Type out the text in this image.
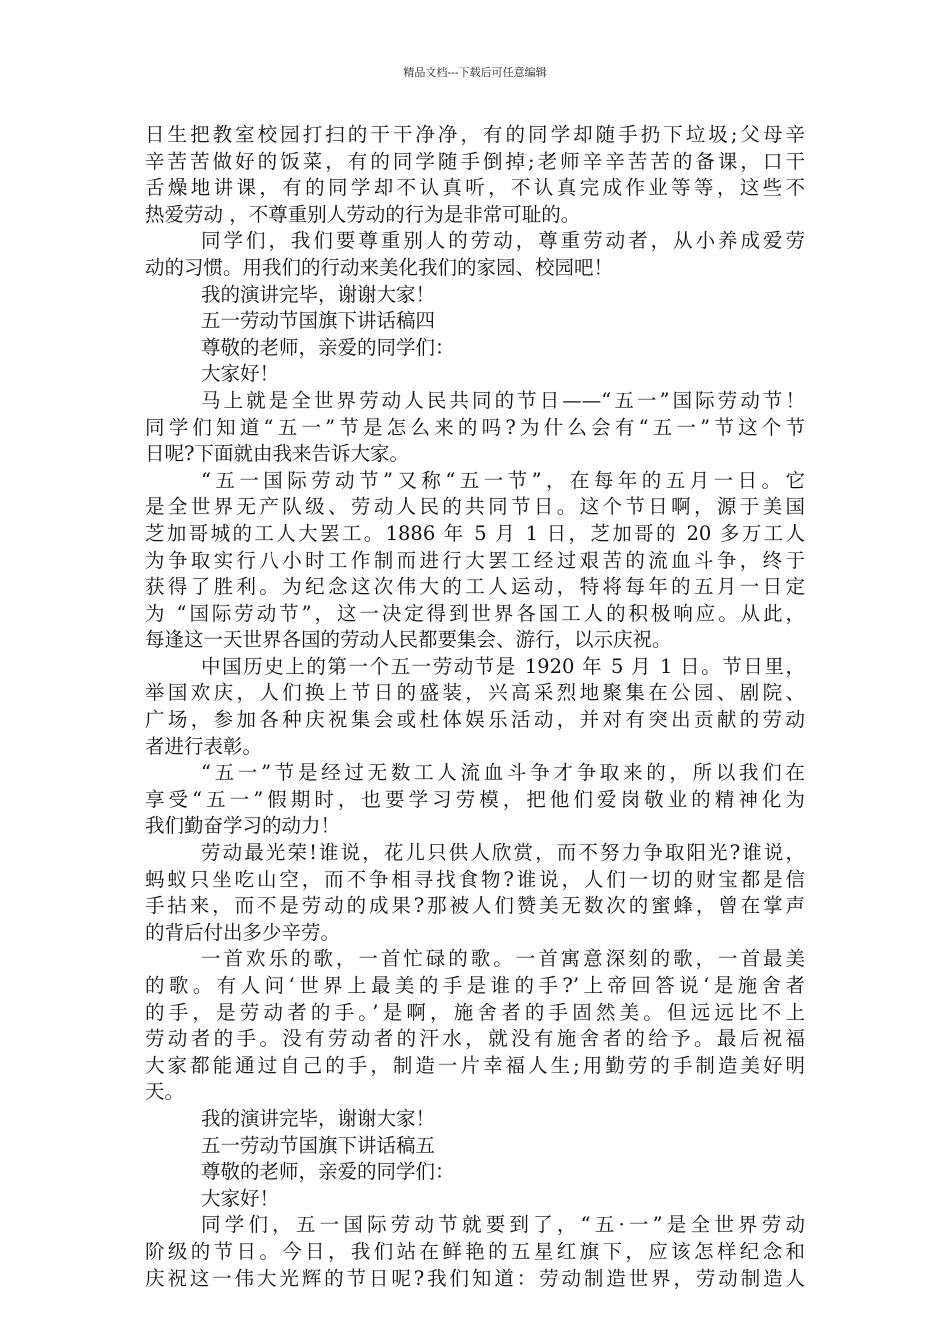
精品文档---下载后可任意编辑
日生把教室校园打扫的干干净净，有的同学却随手扔下垃圾;父母辛
辛苦苦做好的饭菜，有的同学随手倒掉;老师辛辛苦苦的备课，口干
舌燥地讲课，有的同学却不认真听，不认真完成作业等等，这些不
热爱劳动 ，不尊重别人劳动的行为是非常可耻的。
同学们，我们要尊重别人的劳动，尊重劳动者，从小养成爱劳
动的习惯。用我们的行动来美化我们的家园、校园吧！
我的演讲完毕，谢谢大家！
五一劳动节国旗下讲话稿四
尊敬的老师，亲爱的同学们：
大家好！
马上就是全世界劳动人民共同的节日——“五一”国际劳动节！
同学们知道“五一”节是怎么来的吗?为什么会有“五一”节这个节
日呢?下面就由我来告诉大家。
“五一国际劳动节”又称“五一节”，在每年的五月一日。它
是全世界无产队级、劳动人民的共同节日。这个节日啊，源于美国
芝加哥城的工人大罢工。1886 年 5 月 1 日，芝加哥的 20 多万工人
为争取实行八小时工作制而进行大罢工经过艰苦的流血斗争，终于
获得了胜利。为纪念这次伟大的工人运动，特将每年的五月一日定
为 “国际劳动节”，这一决定得到世界各国工人的积极响应。从此，
每逢这一天世界各国的劳动人民都要集会、游行，以示庆祝。
中国历史上的第一个五一劳动节是 1920 年 5 月 1 日。节日里，
举国欢庆，人们换上节日的盛装，兴高采烈地聚集在公园、剧院、
广场，参加各种庆祝集会或杜体娱乐活动，并对有突出贡献的劳动
者进行表彰。
“五一”节是经过无数工人流血斗争才争取来的，所以我们在
享受“五一”假期时，也要学习劳模，把他们爱岗敬业的精神化为
我们勤奋学习的动力！
劳动最光荣!谁说，花儿只供人欣赏，而不努力争取阳光?谁说，
蚂蚁只坐吃山空，而不争相寻找食物?谁说，人们一切的财宝都是信
手拈来，而不是劳动的成果?那被人们赞美无数次的蜜蜂，曾在掌声
的背后付出多少辛劳。
一首欢乐的歌，一首忙碌的歌。一首寓意深刻的歌，一首最美
的歌。有人问‘世界上最美的手是谁的手?’上帝回答说‘是施舍者
的手，是劳动者的手。’是啊，施舍者的手固然美。但远远比不上
劳动者的手。没有劳动者的汗水，就没有施舍者的给予。最后祝福
大家都能通过自己的手，制造一片幸福人生;用勤劳的手制造美好明
天。
我的演讲完毕，谢谢大家！
五一劳动节国旗下讲话稿五
尊敬的老师，亲爱的同学们：
大家好！
同学们，五一国际劳动节就要到了，“五·一”是全世界劳动
阶级的节日。今日，我们站在鲜艳的五星红旗下，应该怎样纪念和
庆祝这一伟大光辉的节日呢?我们知道：劳动制造世界，劳动制造人
